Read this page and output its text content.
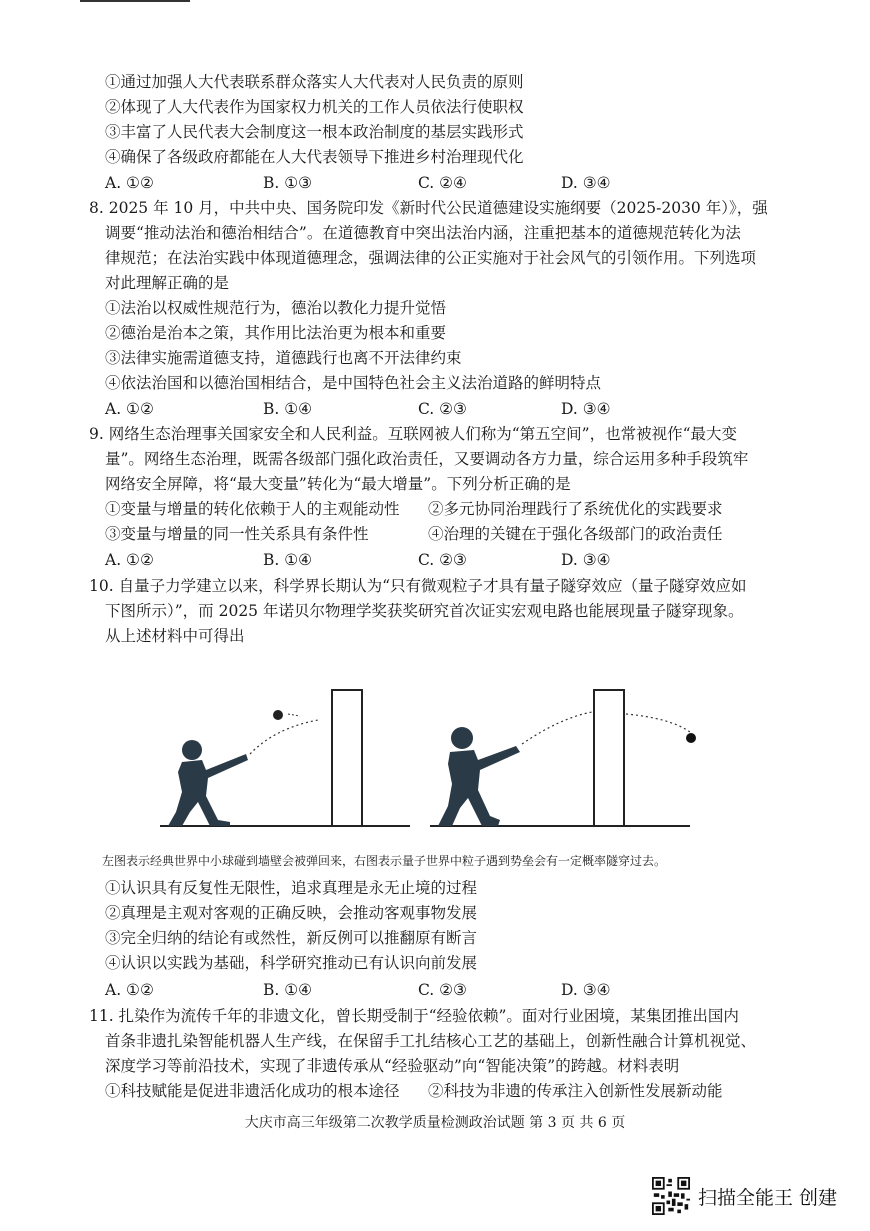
①通过加强人大代表联系群众落实人大代表对人民负责的原则
②体现了人大代表作为国家权力机关的工作人员依法行使职权
③丰富了人民代表大会制度这一根本政治制度的基层实践形式
④确保了各级政府都能在人大代表领导下推进乡村治理现代化
A. ①②	B. ①③	C. ②④	D. ③④
8. 2025 年 10 月，中共中央、国务院印发《新时代公民道德建设实施纲要（2025-2030 年）》，强
调要“推动法治和德治相结合”。在道德教育中突出法治内涵，注重把基本的道德规范转化为法
律规范；在法治实践中体现道德理念，强调法律的公正实施对于社会风气的引领作用。下列选项
对此理解正确的是
①法治以权威性规范行为，德治以教化力提升觉悟
②德治是治本之策，其作用比法治更为根本和重要
③法律实施需道德支持，道德践行也离不开法律约束
④依法治国和以德治国相结合，是中国特色社会主义法治道路的鲜明特点
A. ①②	B. ①④	C. ②③	D. ③④
9. 网络生态治理事关国家安全和人民利益。互联网被人们称为“第五空间”，也常被视作“最大变
量”。网络生态治理，既需各级部门强化政治责任，又要调动各方力量，综合运用多种手段筑牢
网络安全屏障，将“最大变量”转化为“最大增量”。下列分析正确的是
①变量与增量的转化依赖于人的主观能动性 ②多元协同治理践行了系统优化的实践要求
③变量与增量的同一性关系具有条件性	④治理的关键在于强化各级部门的政治责任
A. ①②	B. ①④	C. ②③	D. ③④
10. 自量子力学建立以来，科学界长期认为“只有微观粒子才具有量子隧穿效应（量子隧穿效应如
下图所示）”，而 2025 年诺贝尔物理学奖获奖研究首次证实宏观电路也能展现量子隧穿现象。
从上述材料中可得出
左图表示经典世界中小球碰到墙壁会被弹回来，右图表示量子世界中粒子遇到势垒会有一定概率隧穿过去。
①认识具有反复性无限性，追求真理是永无止境的过程
②真理是主观对客观的正确反映，会推动客观事物发展
③完全归纳的结论有或然性，新反例可以推翻原有断言
④认识以实践为基础，科学研究推动已有认识向前发展
A. ①②	B. ①④	C. ②③	D. ③④
11. 扎染作为流传千年的非遗文化，曾长期受制于“经验依赖”。面对行业困境，某集团推出国内
首条非遗扎染智能机器人生产线，在保留手工扎结核心工艺的基础上，创新性融合计算机视觉、
深度学习等前沿技术，实现了非遗传承从“经验驱动”向“智能决策”的跨越。材料表明
①科技赋能是促进非遗活化成功的根本途径 ②科技为非遗的传承注入创新性发展新动能
大庆市高三年级第二次教学质量检测政治试题 第 3 页 共 6 页
扫描全能王 创建
